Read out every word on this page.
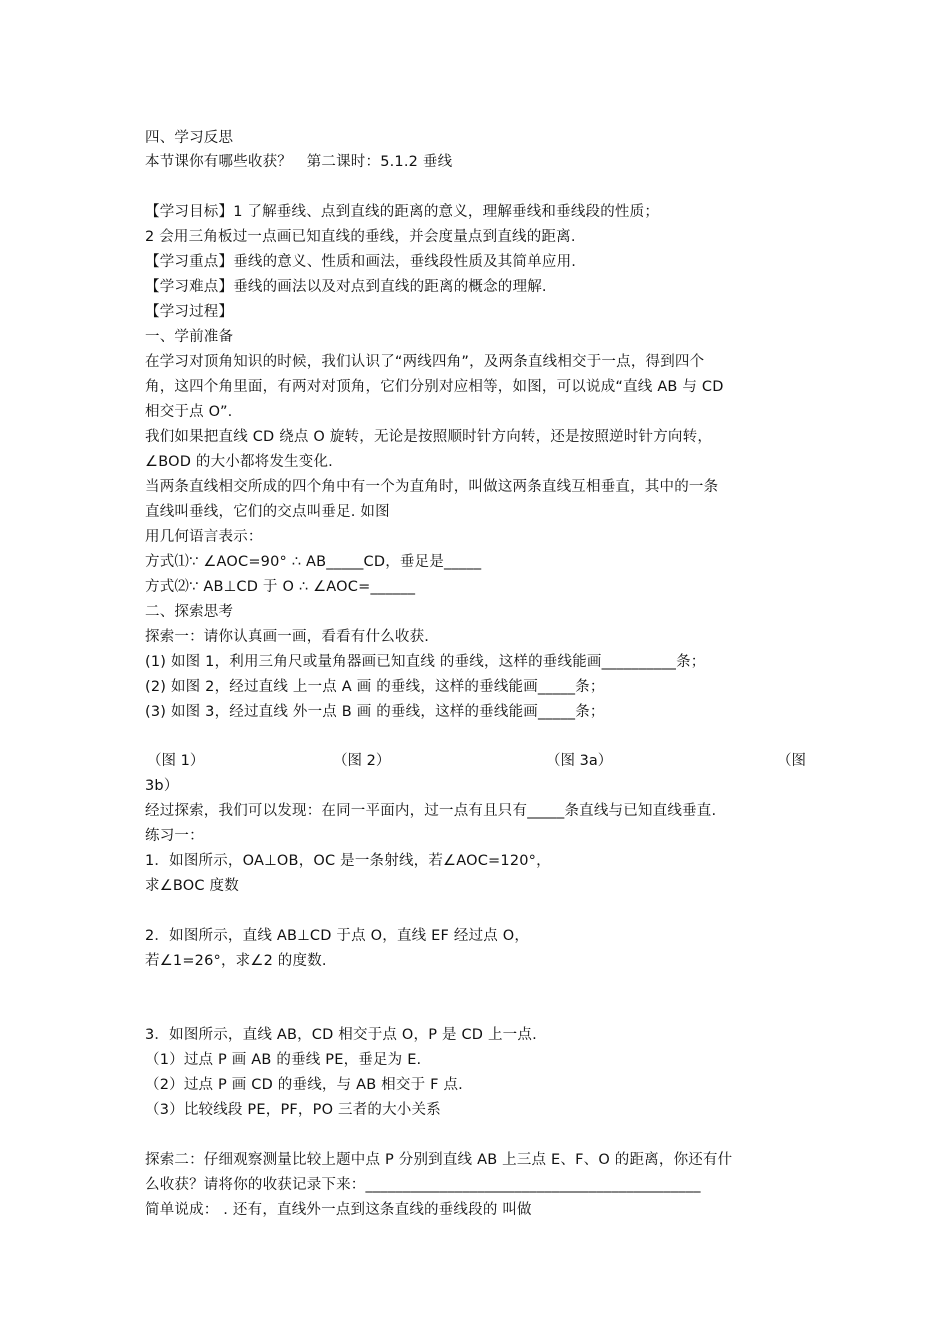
四、学习反思
本节课你有哪些收获？　第二课时：5.1.2 垂线
【学习目标】1 了解垂线、点到直线的距离的意义，理解垂线和垂线段的性质；
2 会用三角板过一点画已知直线的垂线，并会度量点到直线的距离.
【学习重点】垂线的意义、性质和画法，垂线段性质及其简单应用.
【学习难点】垂线的画法以及对点到直线的距离的概念的理解.
【学习过程】
一、学前准备
在学习对顶角知识的时候，我们认识了“两线四角”，及两条直线相交于一点，得到四个
角，这四个角里面，有两对对顶角，它们分别对应相等，如图，可以说成“直线 AB 与 CD
相交于点 O”.
我们如果把直线 CD 绕点 O 旋转，无论是按照顺时针方向转，还是按照逆时针方向转，
∠BOD 的大小都将发生变化.
当两条直线相交所成的四个角中有一个为直角时，叫做这两条直线互相垂直，其中的一条
直线叫垂线，它们的交点叫垂足. 如图
用几何语言表示：
方式⑴∵ ∠AOC=90° ∴ AB_____CD，垂足是_____
方式⑵∵ AB⊥CD 于 O ∴ ∠AOC=______
二、探索思考
探索一：请你认真画一画，看看有什么收获.
(1) 如图 1，利用三角尺或量角器画已知直线 的垂线，这样的垂线能画__________条；
(2) 如图 2，经过直线 上一点 A 画 的垂线，这样的垂线能画_____条；
(3) 如图 3，经过直线 外一点 B 画 的垂线，这样的垂线能画_____条；
（图 1）	（图 2）	（图 3a）	（图
3b）
经过探索，我们可以发现：在同一平面内，过一点有且只有_____条直线与已知直线垂直.
练习一：
1．如图所示，OA⊥OB，OC 是一条射线，若∠AOC=120°，
求∠BOC 度数
2．如图所示，直线 AB⊥CD 于点 O，直线 EF 经过点 O，
若∠1=26°，求∠2 的度数.
3．如图所示，直线 AB，CD 相交于点 O，P 是 CD 上一点.
（1）过点 P 画 AB 的垂线 PE，垂足为 E.
（2）过点 P 画 CD 的垂线，与 AB 相交于 F 点.
（3）比较线段 PE，PF，PO 三者的大小关系
探索二：仔细观察测量比较上题中点 P 分别到直线 AB 上三点 E、F、O 的距离，你还有什
么收获？请将你的收获记录下来：_____________________________________________
简单说成： . 还有，直线外一点到这条直线的垂线段的 叫做
